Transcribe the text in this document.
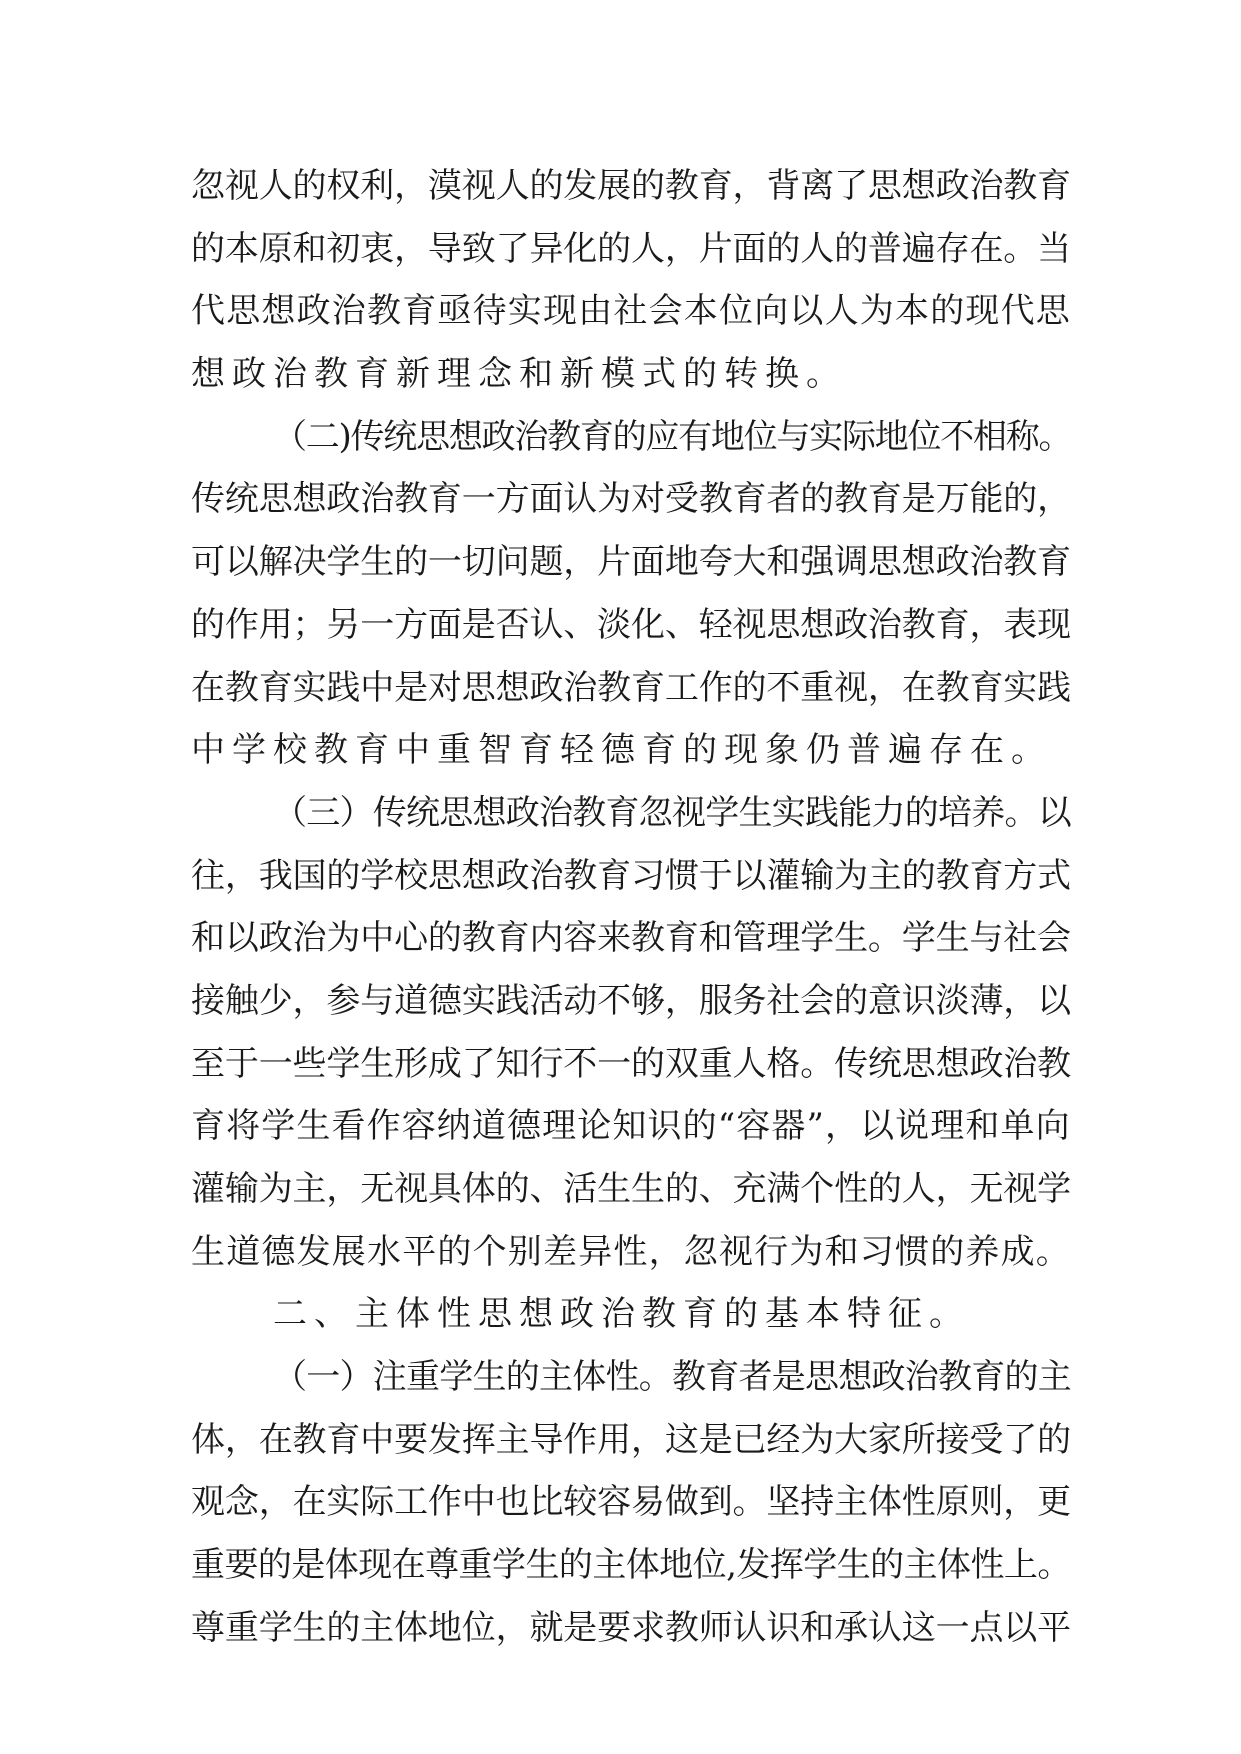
忽视人的权利，漠视人的发展的教育，背离了思想政治教育
的本原和初衷，导致了异化的人，片面的人的普遍存在。当
代思想政治教育亟待实现由社会本位向以人为本的现代思
想政治教育新理念和新模式的转换。
（二)传统思想政治教育的应有地位与实际地位不相称。
传统思想政治教育一方面认为对受教育者的教育是万能的，
可以解决学生的一切问题，片面地夸大和强调思想政治教育
的作用；另一方面是否认、淡化、轻视思想政治教育，表现
在教育实践中是对思想政治教育工作的不重视，在教育实践
中学校教育中重智育轻德育的现象仍普遍存在。
（三）传统思想政治教育忽视学生实践能力的培养。以
往，我国的学校思想政治教育习惯于以灌输为主的教育方式
和以政治为中心的教育内容来教育和管理学生。学生与社会
接触少，参与道德实践活动不够，服务社会的意识淡薄，以
至于一些学生形成了知行不一的双重人格。传统思想政治教
育将学生看作容纳道德理论知识的“容器”，以说理和单向
灌输为主，无视具体的、活生生的、充满个性的人，无视学
生道德发展水平的个别差异性，忽视行为和习惯的养成。
二、主体性思想政治教育的基本特征。
（一）注重学生的主体性。教育者是思想政治教育的主
体，在教育中要发挥主导作用，这是已经为大家所接受了的
观念，在实际工作中也比较容易做到。坚持主体性原则，更
重要的是体现在尊重学生的主体地位,发挥学生的主体性上。
尊重学生的主体地位，就是要求教师认识和承认这一点以平
